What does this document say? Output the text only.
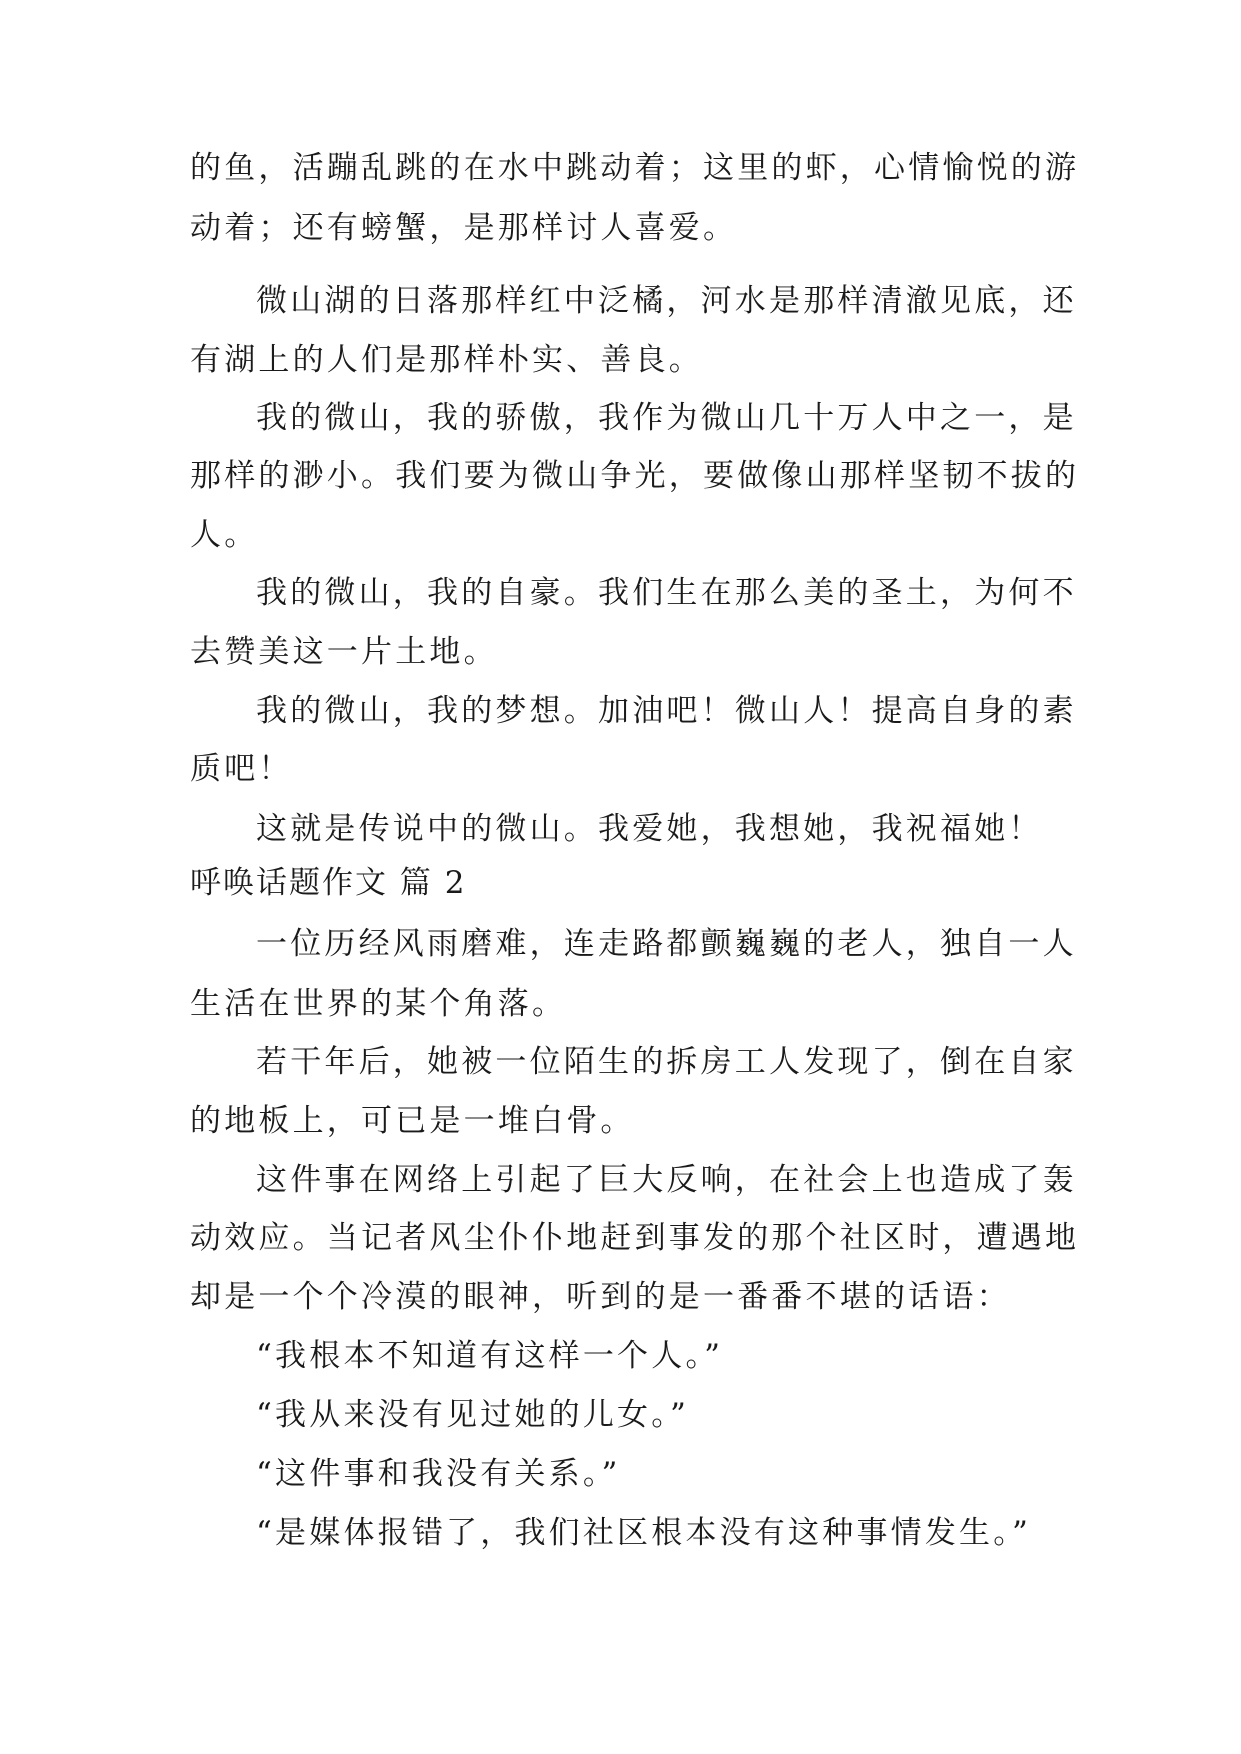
的鱼，活蹦乱跳的在水中跳动着；这里的虾，心情愉悦的游
动着；还有螃蟹，是那样讨人喜爱。
微山湖的日落那样红中泛橘，河水是那样清澈见底，还
有湖上的人们是那样朴实、善良。
我的微山，我的骄傲，我作为微山几十万人中之一，是
那样的渺小。我们要为微山争光，要做像山那样坚韧不拔的
人。
我的微山，我的自豪。我们生在那么美的圣土，为何不
去赞美这一片土地。
我的微山，我的梦想。加油吧！微山人！提高自身的素
质吧！
这就是传说中的微山。我爱她，我想她，我祝福她！
呼唤话题作文 篇 2
一位历经风雨磨难，连走路都颤巍巍的老人，独自一人
生活在世界的某个角落。
若干年后，她被一位陌生的拆房工人发现了，倒在自家
的地板上，可已是一堆白骨。
这件事在网络上引起了巨大反响，在社会上也造成了轰
动效应。当记者风尘仆仆地赶到事发的那个社区时，遭遇地
却是一个个冷漠的眼神，听到的是一番番不堪的话语：
“我根本不知道有这样一个人。”
“我从来没有见过她的儿女。”
“这件事和我没有关系。”
“是媒体报错了，我们社区根本没有这种事情发生。”
